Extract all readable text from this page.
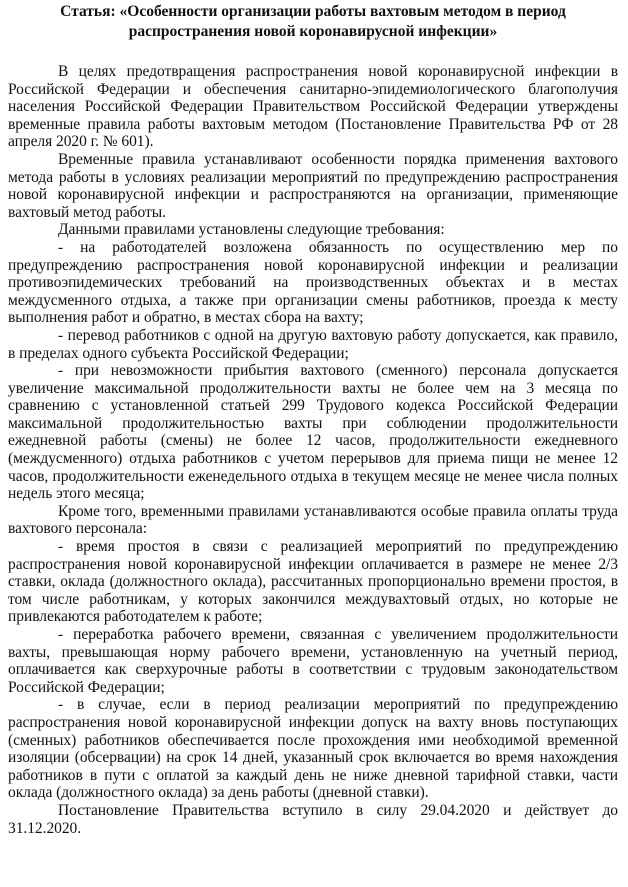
Статья: «Особенности организации работы вахтовым методом в период распространения новой коронавирусной инфекции»

В целях предотвращения распространения новой коронавирусной инфекции в Российской Федерации и обеспечения санитарно-эпидемиологического благополучия населения Российской Федерации Правительством Российской Федерации утверждены временные правила работы вахтовым методом (Постановление Правительства РФ от 28 апреля 2020 г. № 601).

Временные правила устанавливают особенности порядка применения вахтового метода работы в условиях реализации мероприятий по предупреждению распространения новой коронавирусной инфекции и распространяются на организации, применяющие вахтовый метод работы.

Данными правилами установлены следующие требования:

- на работодателей возложена обязанность по осуществлению мер по предупреждению распространения новой коронавирусной инфекции и реализации противоэпидемических требований на производственных объектах и в местах междусменного отдыха, а также при организации смены работников, проезда к месту выполнения работ и обратно, в местах сбора на вахту;

- перевод работников с одной на другую вахтовую работу допускается, как правило, в пределах одного субъекта Российской Федерации;

- при невозможности прибытия вахтового (сменного) персонала допускается увеличение максимальной продолжительности вахты не более чем на 3 месяца по сравнению с установленной статьей 299 Трудового кодекса Российской Федерации максимальной продолжительностью вахты при соблюдении продолжительности ежедневной работы (смены) не более 12 часов, продолжительности ежедневного (междусменного) отдыха работников с учетом перерывов для приема пищи не менее 12 часов, продолжительности еженедельного отдыха в текущем месяце не менее числа полных недель этого месяца;

Кроме того, временными правилами устанавливаются особые правила оплаты труда вахтового персонала:

- время простоя в связи с реализацией мероприятий по предупреждению распространения новой коронавирусной инфекции оплачивается в размере не менее 2/3 ставки, оклада (должностного оклада), рассчитанных пропорционально времени простоя, в том числе работникам, у которых закончился междувахтовый отдых, но которые не привлекаются работодателем к работе;

- переработка рабочего времени, связанная с увеличением продолжительности вахты, превышающая норму рабочего времени, установленную на учетный период, оплачивается как сверхурочные работы в соответствии с трудовым законодательством Российской Федерации;

- в случае, если в период реализации мероприятий по предупреждению распространения новой коронавирусной инфекции допуск на вахту вновь поступающих (сменных) работников обеспечивается после прохождения ими необходимой временной изоляции (обсервации) на срок 14 дней, указанный срок включается во время нахождения работников в пути с оплатой за каждый день не ниже дневной тарифной ставки, части оклада (должностного оклада) за день работы (дневной ставки).

Постановление Правительства вступило в силу 29.04.2020 и действует до 31.12.2020.
